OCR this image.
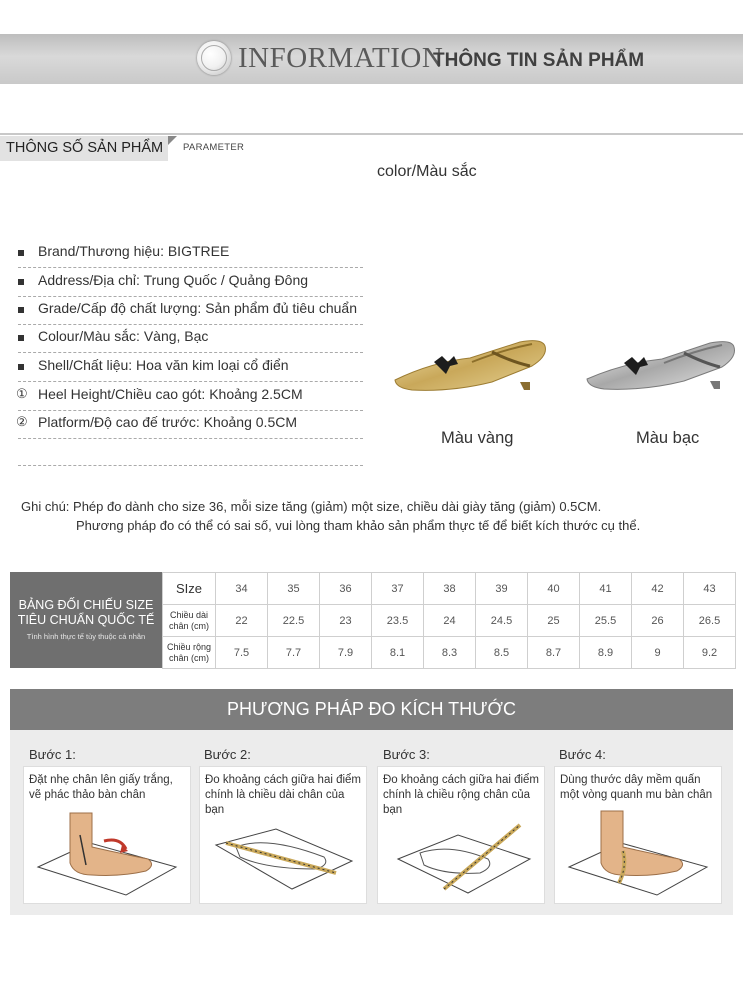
INFORMATION
THÔNG TIN SẢN PHẨM
THÔNG SỐ SẢN PHẨM PARAMETER
color/Màu sắc
Brand/Thương hiệu: BIGTREE
Address/Địa chỉ: Trung Quốc / Quảng Đông
Grade/Cấp độ chất lượng: Sản phẩm đủ tiêu chuẩn
Colour/Màu sắc: Vàng, Bạc
Shell/Chất liệu: Hoa văn kim loại cổ điển
① Heel Height/Chiều cao gót: Khoảng 2.5CM
② Platform/Độ cao đế trước: Khoảng 0.5CM
Màu vàng	Màu bạc
Ghi chú: Phép đo dành cho size 36, mỗi size tăng (giảm) một size, chiều dài giày tăng (giảm) 0.5CM.
Phương pháp đo có thể có sai số, vui lòng tham khảo sản phẩm thực tế để biết kích thước cụ thể.
BẢNG ĐỐI CHIẾU SIZE
TIÊU CHUẨN QUỐC TẾ
Tình hình thực tế tùy thuộc cá nhân
SIze	34	35	36	37	38	39	40	41	42	43
Chiều dài chân (cm)	22	22.5	23	23.5	24	24.5	25	25.5	26	26.5
Chiều rộng chân (cm)	7.5	7.7	7.9	8.1	8.3	8.5	8.7	8.9	9	9.2
PHƯƠNG PHÁP ĐO KÍCH THƯỚC
Bước 1:
Đặt nhẹ chân lên giấy trắng, vẽ phác thảo bàn chân
Bước 2:
Đo khoảng cách giữa hai điểm chính là chiều dài chân của bạn
Bước 3:
Đo khoảng cách giữa hai điểm chính là chiều rộng chân của bạn
Bước 4:
Dùng thước dây mềm quấn một vòng quanh mu bàn chân
